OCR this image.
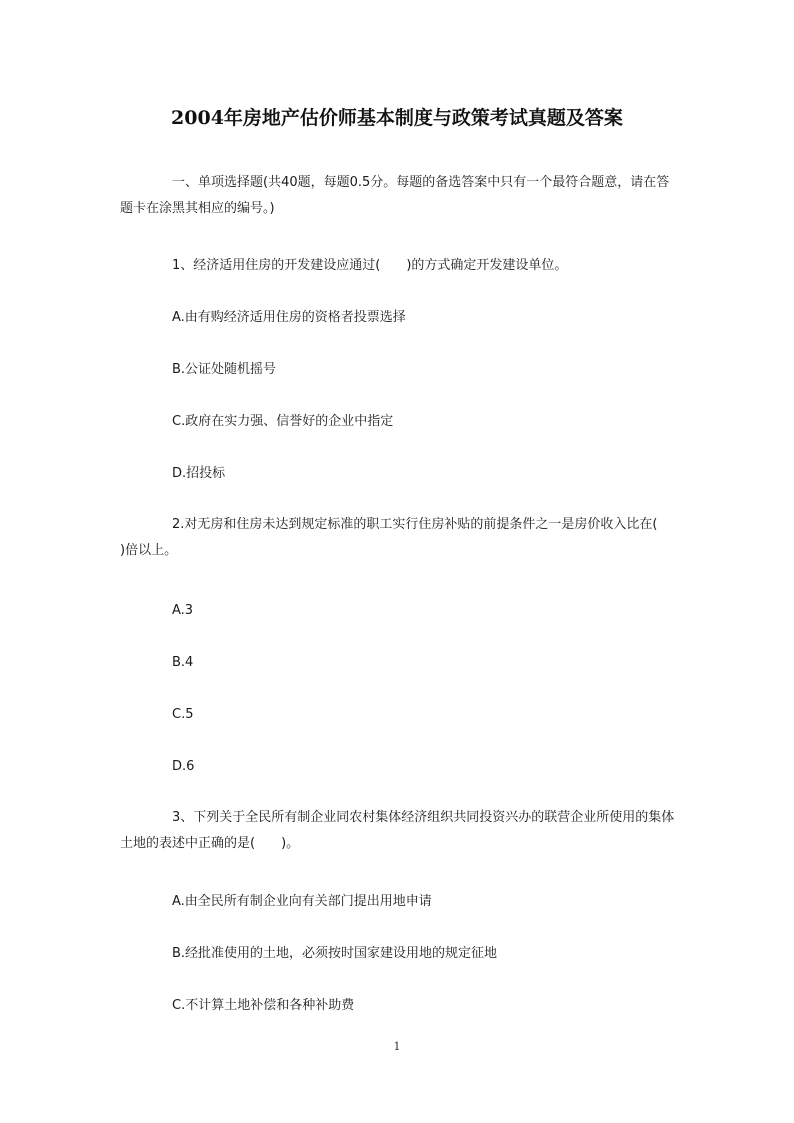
2004年房地产估价师基本制度与政策考试真题及答案

一、单项选择题(共40题，每题0.5分。每题的备选答案中只有一个最符合题意，请在答题卡在涂黑其相应的编号。)

1、经济适用住房的开发建设应通过(　　)的方式确定开发建设单位。

A.由有购经济适用住房的资格者投票选择

B.公证处随机摇号

C.政府在实力强、信誉好的企业中指定

D.招投标

2.对无房和住房未达到规定标准的职工实行住房补贴的前提条件之一是房价收入比在(　　)倍以上。

A.3

B.4

C.5

D.6

3、下列关于全民所有制企业同农村集体经济组织共同投资兴办的联营企业所使用的集体土地的表述中正确的是(　　)。

A.由全民所有制企业向有关部门提出用地申请

B.经批准使用的土地，必须按时国家建设用地的规定征地

C.不计算土地补偿和各种补助费

1
